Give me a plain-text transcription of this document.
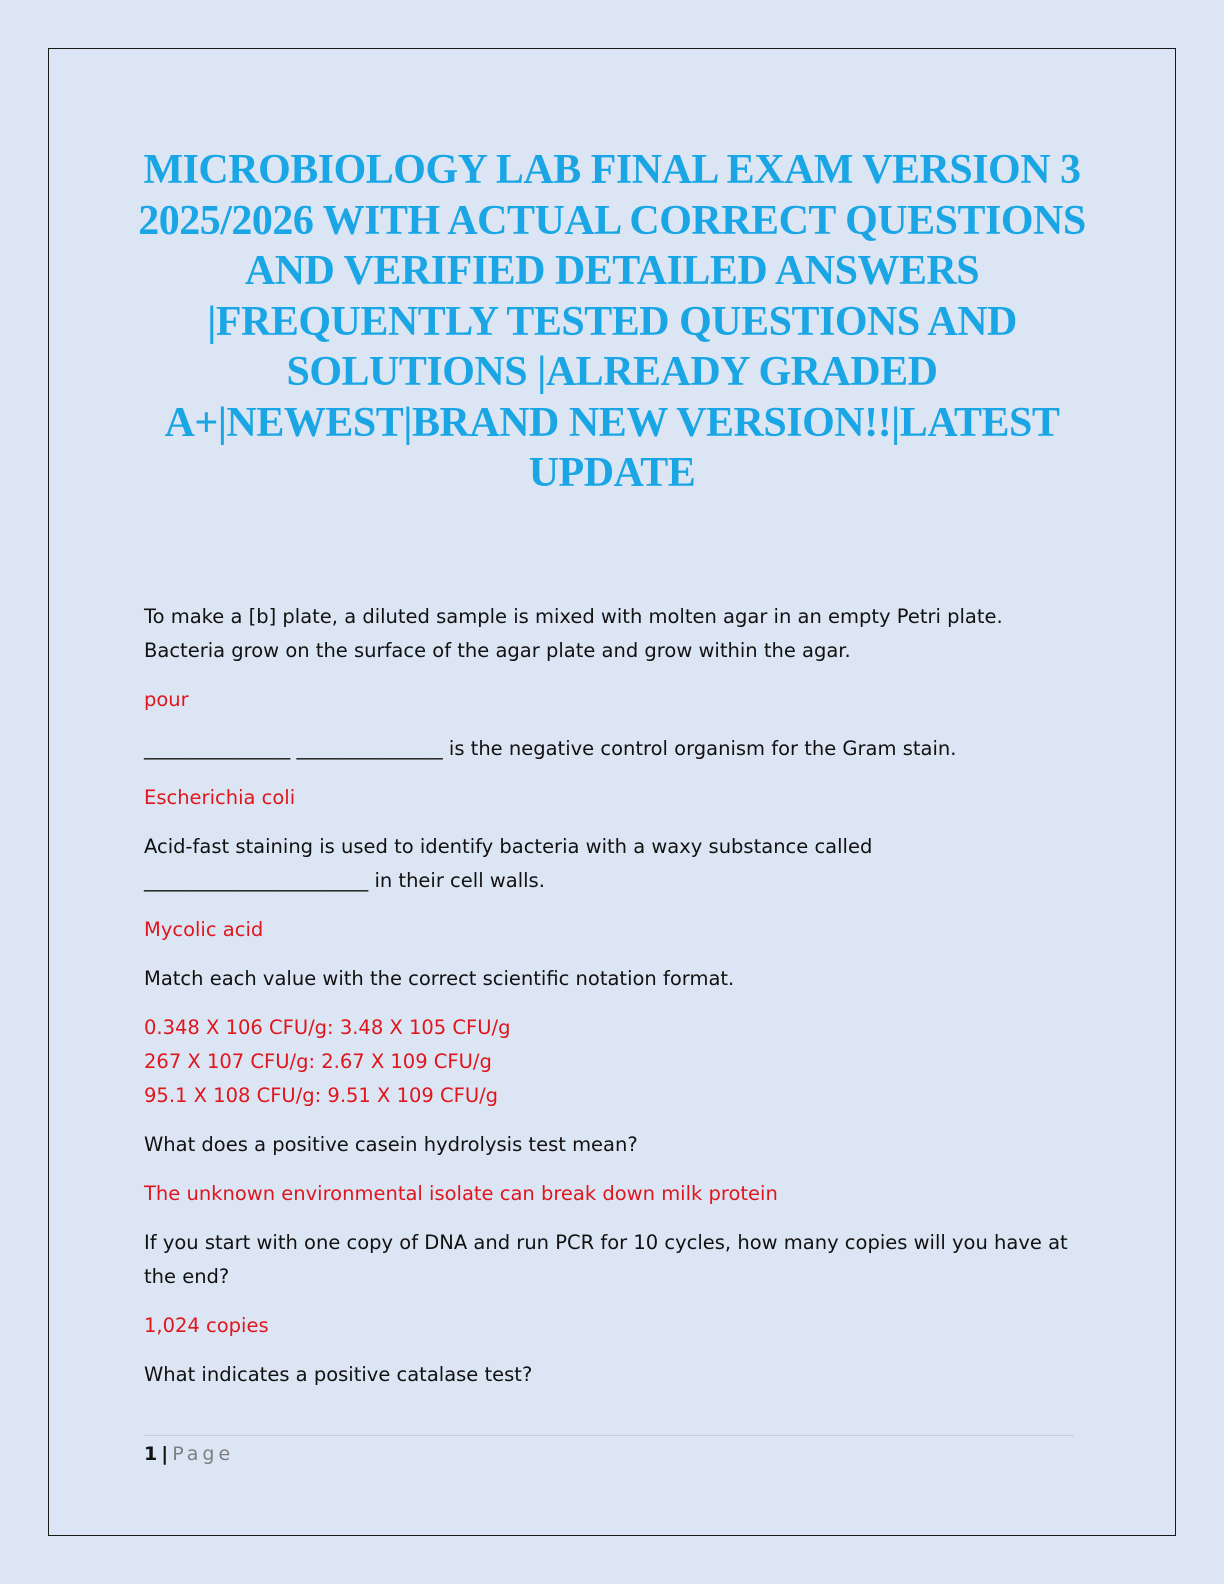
MICROBIOLOGY LAB FINAL EXAM VERSION 3 2025/2026 WITH ACTUAL CORRECT QUESTIONS AND VERIFIED DETAILED ANSWERS |FREQUENTLY TESTED QUESTIONS AND SOLUTIONS |ALREADY GRADED A+|NEWEST|BRAND NEW VERSION!!|LATEST UPDATE

To make a [b] plate, a diluted sample is mixed with molten agar in an empty Petri plate. Bacteria grow on the surface of the agar plate and grow within the agar.

pour

_______________ _______________ is the negative control organism for the Gram stain.

Escherichia coli

Acid-fast staining is used to identify bacteria with a waxy substance called _______________________ in their cell walls.

Mycolic acid

Match each value with the correct scientific notation format.

0.348 X 106 CFU/g: 3.48 X 105 CFU/g
267 X 107 CFU/g: 2.67 X 109 CFU/g
95.1 X 108 CFU/g: 9.51 X 109 CFU/g

What does a positive casein hydrolysis test mean?

The unknown environmental isolate can break down milk protein

If you start with one copy of DNA and run PCR for 10 cycles, how many copies will you have at the end?

1,024 copies

What indicates a positive catalase test?

1 | Page
